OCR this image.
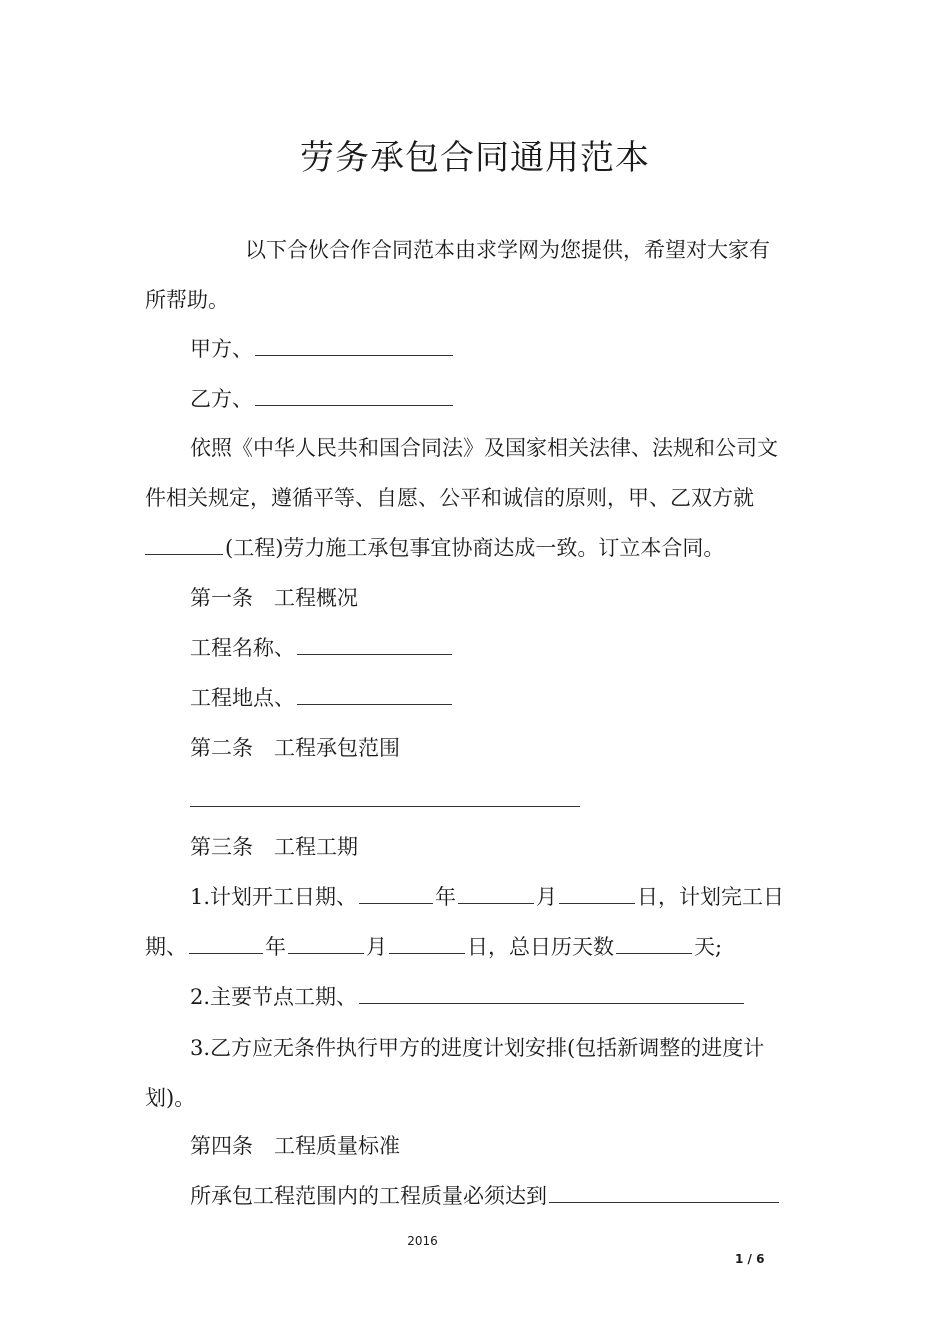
劳务承包合同通用范本
以下合伙合作合同范本由求学网为您提供，希望对大家有
所帮助。
甲方、
乙方、
依照《中华人民共和国合同法》及国家相关法律、法规和公司文
件相关规定，遵循平等、自愿、公平和诚信的原则，甲、乙双方就
(工程)劳力施工承包事宜协商达成一致。订立本合同。
第一条　工程概况
工程名称、
工程地点、
第二条　工程承包范围
第三条　工程工期
1.计划开工日期、	年	月	日，计划完工日
期、	年	月	日，总日历天数	天;
2.主要节点工期、
3.乙方应无条件执行甲方的进度计划安排(包括新调整的进度计
划)。
第四条　工程质量标准
所承包工程范围内的工程质量必须达到
2016
1 / 6
